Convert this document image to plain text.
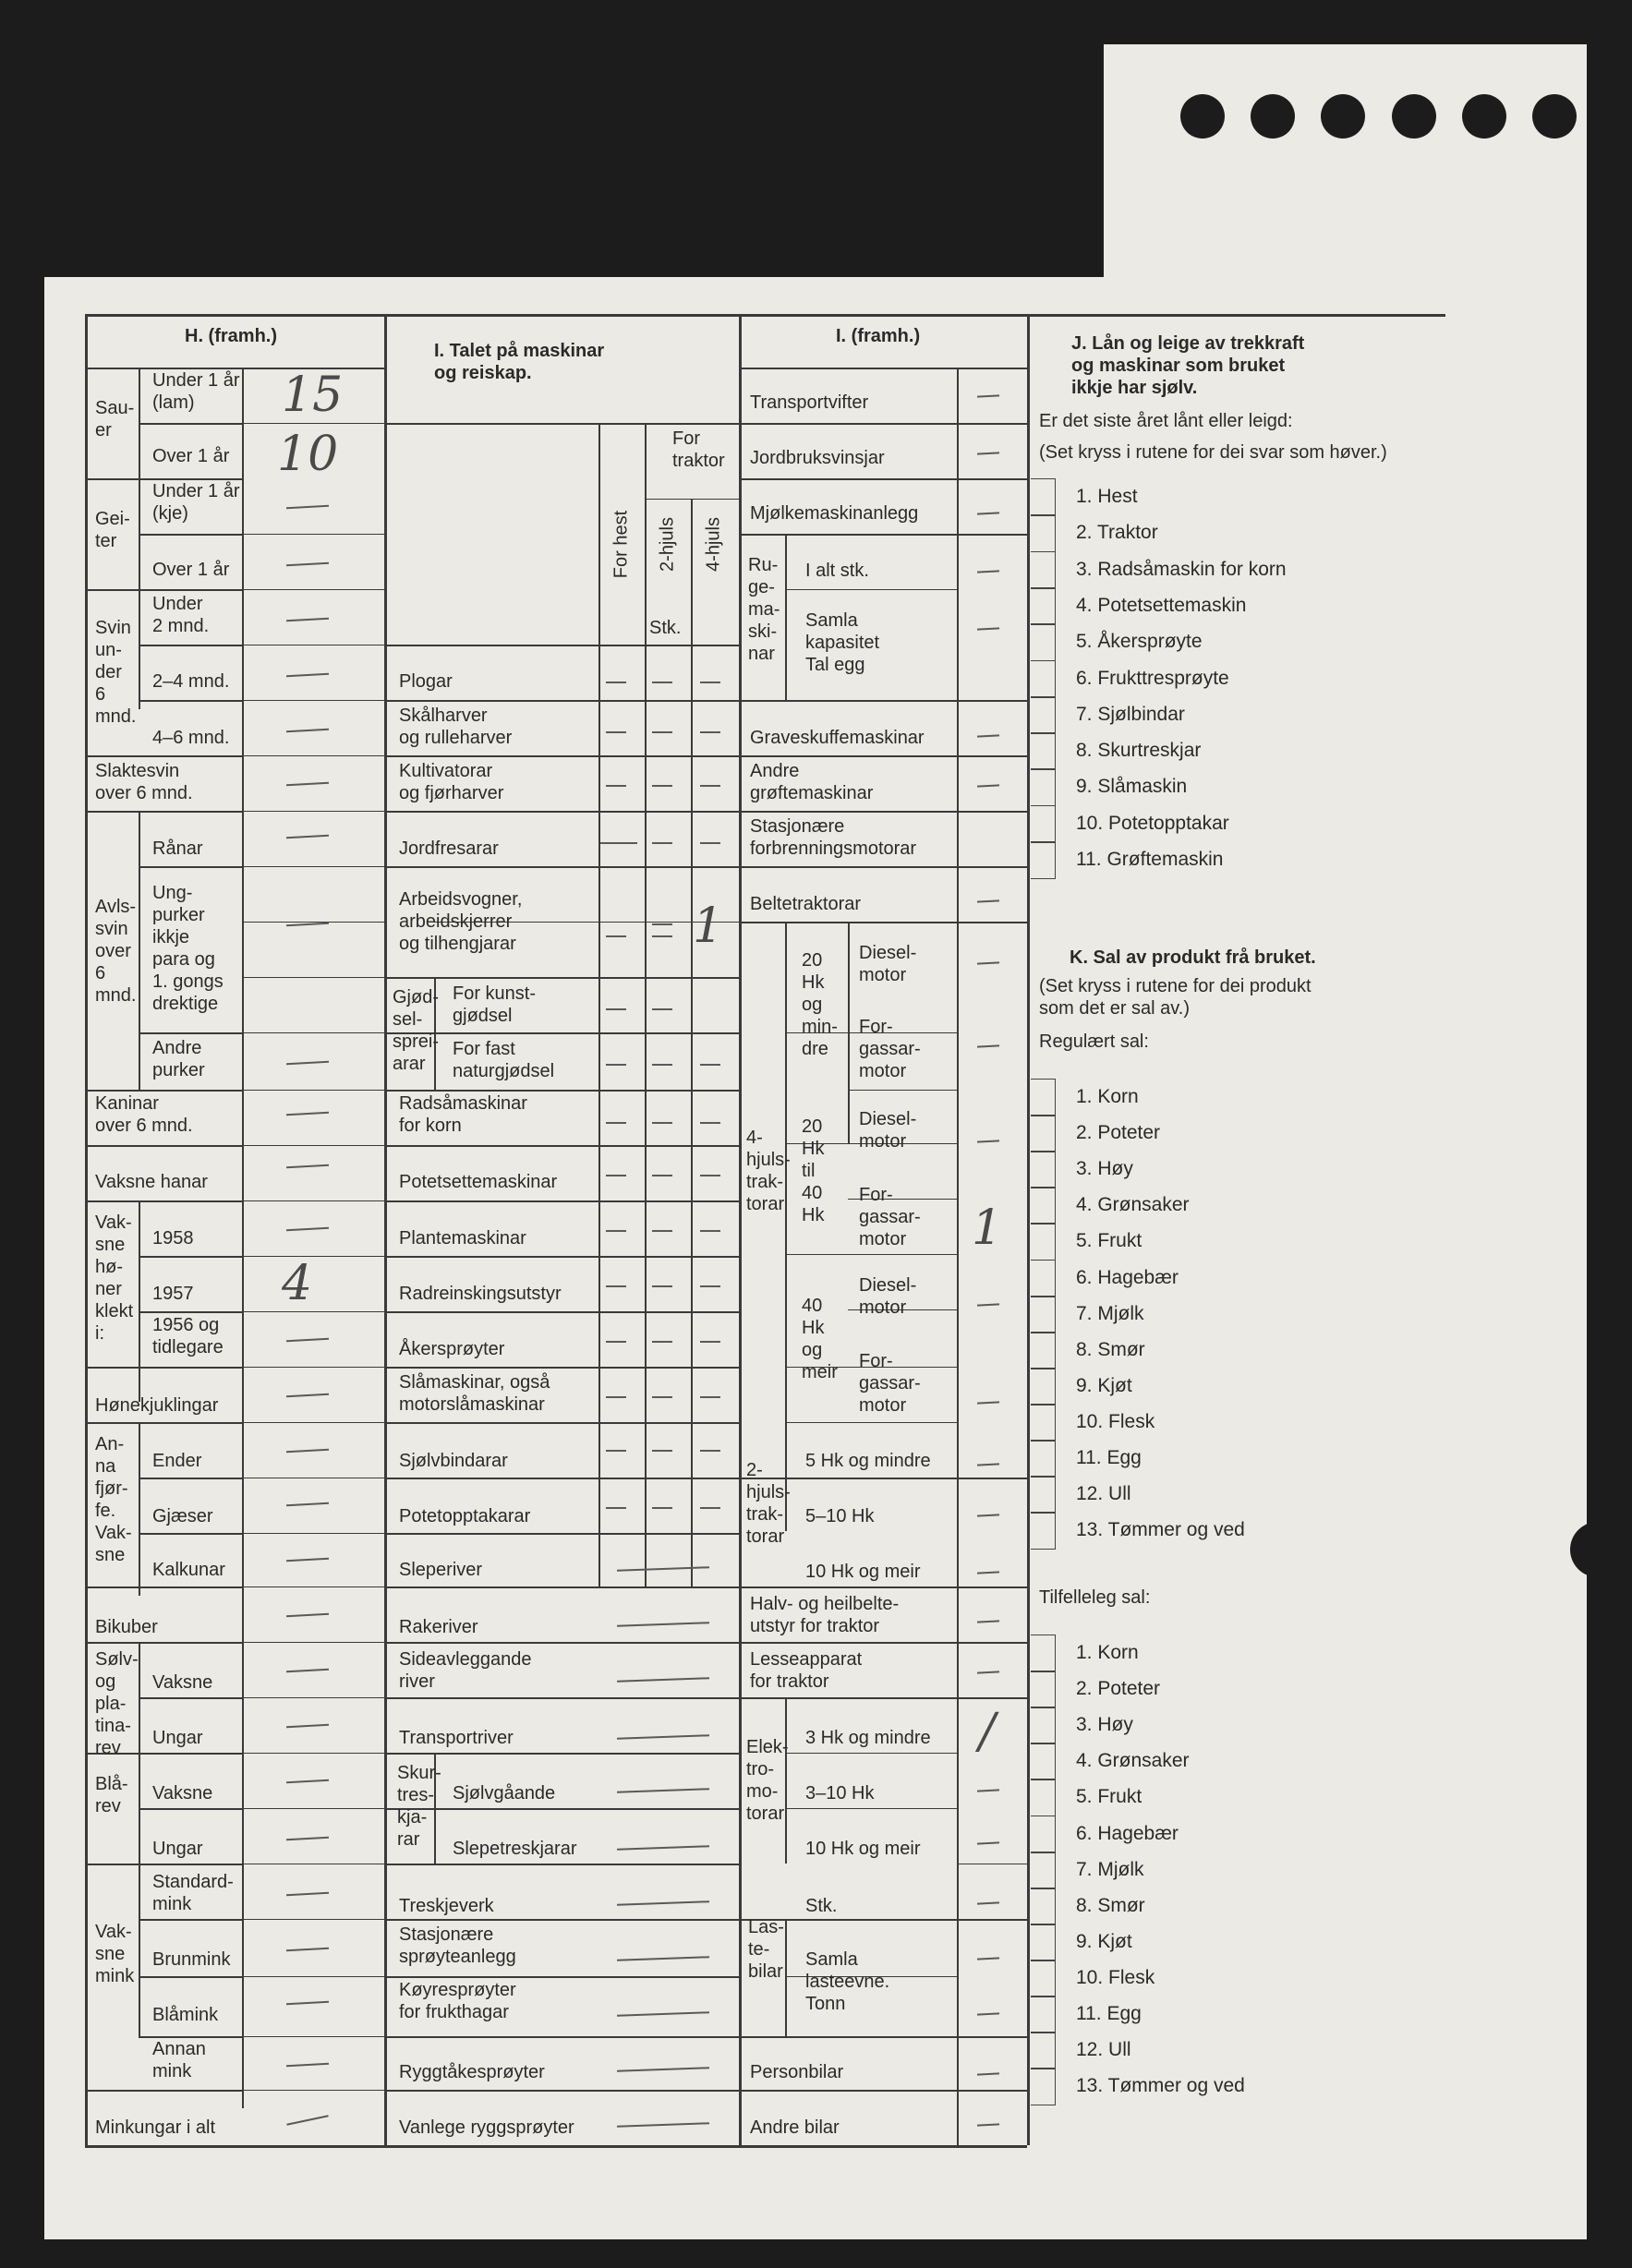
H. (framh.)
Sau-
er
Under 1 år
(lam)
Over 1 år
Gei-
ter
Under 1 år
(kje)
Over 1 år
Svin
un-
der
6
mnd.
Under
2 mnd.
2–4 mnd.
4–6 mnd.
Slaktesvin
over 6 mnd.
Avls-
svin
over
6
mnd.
Rånar
Ung-
purker
ikkje
para og
1. gongs
drektige
Andre
purker
Kaninar
over 6 mnd.
Vaksne hanar
Vak-
sne
hø-
ner
klekt
i:
1958
1957
1956 og
tidlegare
Hønekjuklingar
An-
na
fjør-
fe.
Vak-
sne
Ender
Gjæser
Kalkunar
Bikuber
Sølv-
og
pla-
tina-
rev
Vaksne
Ungar
Blå-
rev
Vaksne
Ungar
Vak-
sne
mink
Standard-
mink
Brunmink
Blåmink
Annan
mink
Minkungar i alt
15
10
4
I. Talet på maskinar
og reiskap.
For hest 2-hjuls 4-hjuls
For
traktor
Stk.
Plogar
Skålharver
og rulleharver
Kultivatorar
og fjørharver
Jordfresarar
Arbeidsvogner,
arbeidskjerrer
og tilhengjarar
Radsåmaskinar
for korn
Potetsettemaskinar
Plantemaskinar
Radreinskingsutstyr
Åkersprøyter
Slåmaskinar, også
motorslåmaskinar
Sjølvbindarar
Potetopptakarar
Sleperiver
Rakeriver
Sideavleggande
river
Transportriver
Treskjeverk
Stasjonære
sprøyteanlegg
Køyresprøyter
for frukthagar
Ryggtåkesprøyter
Vanlege ryggsprøyter
Gjød-
sel-
sprei-
arar
For kunst-
gjødsel
For fast
naturgjødsel
Skur-
tres-
kja-
rar
Sjølvgåande
Slepetreskjarar
1
I. (framh.)
Transportvifter
Jordbruksvinsjar
Mjølkemaskinanlegg
Graveskuffemaskinar
Andre
grøftemaskinar
Stasjonære
forbrenningsmotorar
Beltetraktorar
Halv- og heilbelte-
utstyr for traktor
Lesseapparat
for traktor
Personbilar
Andre bilar
Ru-
ge-
ma-
ski-
nar
I alt stk.
Samla
kapasitet
Tal egg
4-
hjuls-
trak-
torar
20
Hk
og
min-
dre
20
Hk
til
40
Hk
40
Hk
og
meir
Diesel-
motor
Diesel-
motor
Diesel-
motor
For-
gassar-
motor
For-
gassar-
motor
For-
gassar-
motor
2-
hjuls-
trak-
torar
5 Hk og mindre
5–10 Hk
10 Hk og meir
Elek-
tro-
mo-
torar
3 Hk og mindre
3–10 Hk
10 Hk og meir
Las-
te-
bilar
Stk.
Samla
lasteevne.
Tonn
1
/
J. Lån og leige av trekkraft
og maskinar som bruket
ikkje har sjølv.
Er det siste året lånt eller leigd:
(Set kryss i rutene for dei svar som høver.)
1. Hest
2. Traktor
3. Radsåmaskin for korn
4. Potetsettemaskin
5. Åkersprøyte
6. Frukttresprøyte
7. Sjølbindar
8. Skurtreskjar
9. Slåmaskin
10. Potetopptakar
11. Grøftemaskin
K. Sal av produkt frå bruket.
(Set kryss i rutene for dei produkt
som det er sal av.)
Regulært sal:
Tilfelleleg sal:
1. Korn
2. Poteter
3. Høy
4. Grønsaker
5. Frukt
6. Hagebær
7. Mjølk
8. Smør
9. Kjøt
10. Flesk
11. Egg
12. Ull
13. Tømmer og ved
1. Korn
2. Poteter
3. Høy
4. Grønsaker
5. Frukt
6. Hagebær
7. Mjølk
8. Smør
9. Kjøt
10. Flesk
11. Egg
12. Ull
13. Tømmer og ved
